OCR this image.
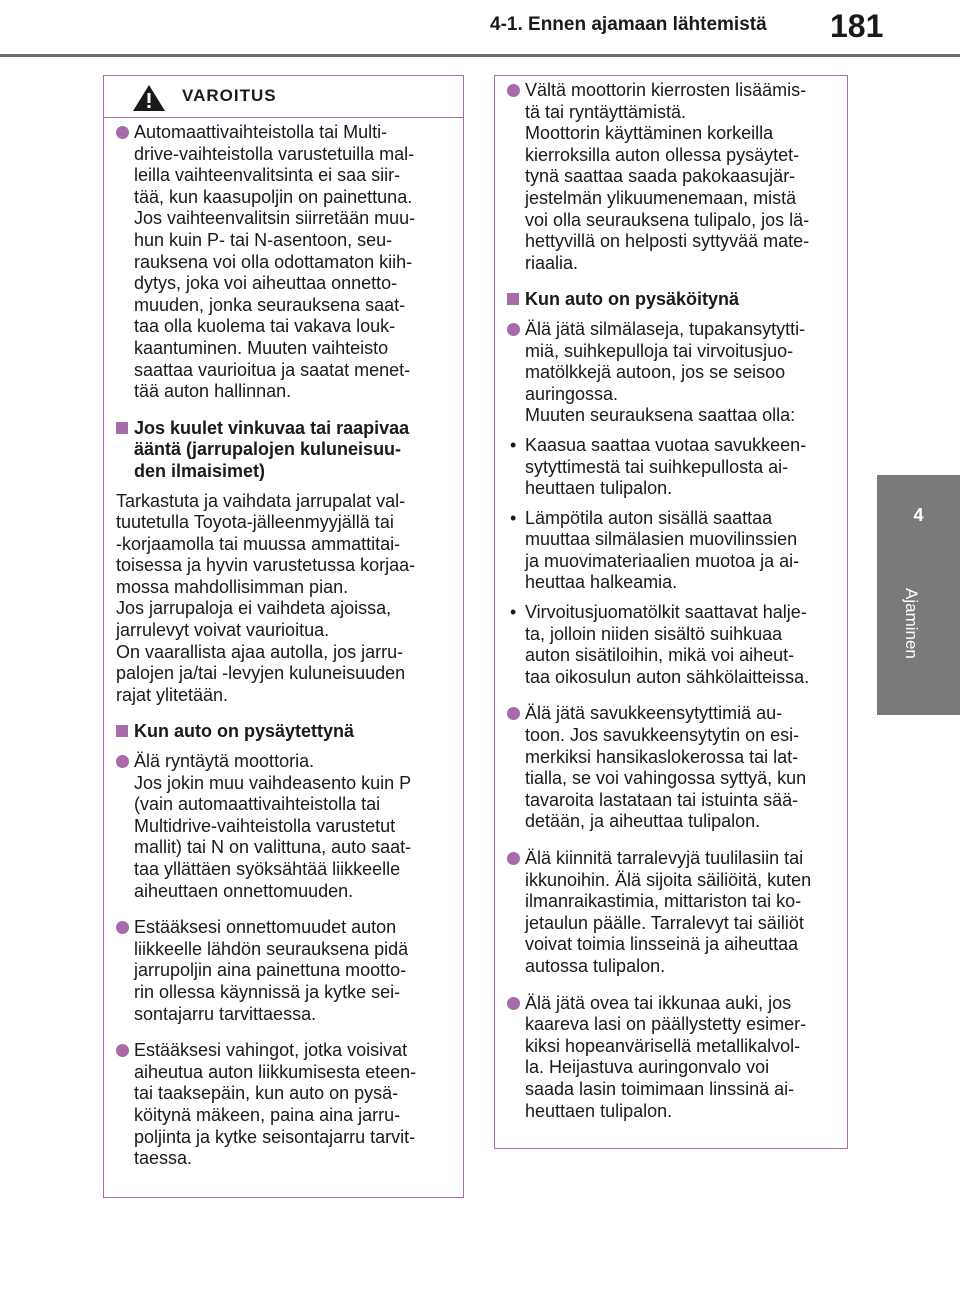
4-1. Ennen ajamaan lähtemistä 181
4
Ajaminen
VAROITUS
Automaattivaihteistolla tai Multi-
drive-vaihteistolla varustetuilla mal-
leilla vaihteenvalitsinta ei saa siir-
tää, kun kaasupoljin on painettuna.
Jos vaihteenvalitsin siirretään muu-
hun kuin P- tai N-asentoon, seu-
rauksena voi olla odottamaton kiih-
dytys, joka voi aiheuttaa onnetto-
muuden, jonka seurauksena saat-
taa olla kuolema tai vakava louk-
kaantuminen. Muuten vaihteisto
saattaa vaurioitua ja saatat menet-
tää auton hallinnan.
Jos kuulet vinkuvaa tai raapivaa
ääntä (jarrupalojen kuluneisuu-
den ilmaisimet)
Tarkastuta ja vaihdata jarrupalat val-
tuutetulla Toyota-jälleenmyyjällä tai
-korjaamolla tai muussa ammattitai-
toisessa ja hyvin varustetussa korjaa-
mossa mahdollisimman pian.
Jos jarrupaloja ei vaihdeta ajoissa,
jarrulevyt voivat vaurioitua.
On vaarallista ajaa autolla, jos jarru-
palojen ja/tai -levyjen kuluneisuuden
rajat ylitetään.
Kun auto on pysäytettynä
Älä ryntäytä moottoria.
Jos jokin muu vaihdeasento kuin P
(vain automaattivaihteistolla tai
Multidrive-vaihteistolla varustetut
mallit) tai N on valittuna, auto saat-
taa yllättäen syöksähtää liikkeelle
aiheuttaen onnettomuuden.
Estääksesi onnettomuudet auton
liikkeelle lähdön seurauksena pidä
jarrupoljin aina painettuna mootto-
rin ollessa käynnissä ja kytke sei-
sontajarru tarvittaessa.
Estääksesi vahingot, jotka voisivat
aiheutua auton liikkumisesta eteen-
tai taaksepäin, kun auto on pysä-
köitynä mäkeen, paina aina jarru-
poljinta ja kytke seisontajarru tarvit-
taessa.
Vältä moottorin kierrosten lisäämis-
tä tai ryntäyttämistä.
Moottorin käyttäminen korkeilla
kierroksilla auton ollessa pysäytet-
tynä saattaa saada pakokaasujär-
jestelmän ylikuumenemaan, mistä
voi olla seurauksena tulipalo, jos lä-
hettyvillä on helposti syttyvää mate-
riaalia.
Kun auto on pysäköitynä
Älä jätä silmälaseja, tupakansytytti-
miä, suihkepulloja tai virvoitusjuo-
matölkkejä autoon, jos se seisoo
auringossa.
Muuten seurauksena saattaa olla:
• Kaasua saattaa vuotaa savukkeen-
sytyttimestä tai suihkepullosta ai-
heuttaen tulipalon.
• Lämpötila auton sisällä saattaa
muuttaa silmälasien muovilinssien
ja muovimateriaalien muotoa ja ai-
heuttaa halkeamia.
• Virvoitusjuomatölkit saattavat halje-
ta, jolloin niiden sisältö suihkuaa
auton sisätiloihin, mikä voi aiheut-
taa oikosulun auton sähkölaitteissa.
Älä jätä savukkeensytyttimiä au-
toon. Jos savukkeensytytin on esi-
merkiksi hansikaslokerossa tai lat-
tialla, se voi vahingossa syttyä, kun
tavaroita lastataan tai istuinta sää-
detään, ja aiheuttaa tulipalon.
Älä kiinnitä tarralevyjä tuulilasiin tai
ikkunoihin. Älä sijoita säiliöitä, kuten
ilmanraikastimia, mittariston tai ko-
jetaulun päälle. Tarralevyt tai säiliöt
voivat toimia linsseinä ja aiheuttaa
autossa tulipalon.
Älä jätä ovea tai ikkunaa auki, jos
kaareva lasi on päällystetty esimer-
kiksi hopeanvärisellä metallikalvol-
la. Heijastuva auringonvalo voi
saada lasin toimimaan linssinä ai-
heuttaen tulipalon.
